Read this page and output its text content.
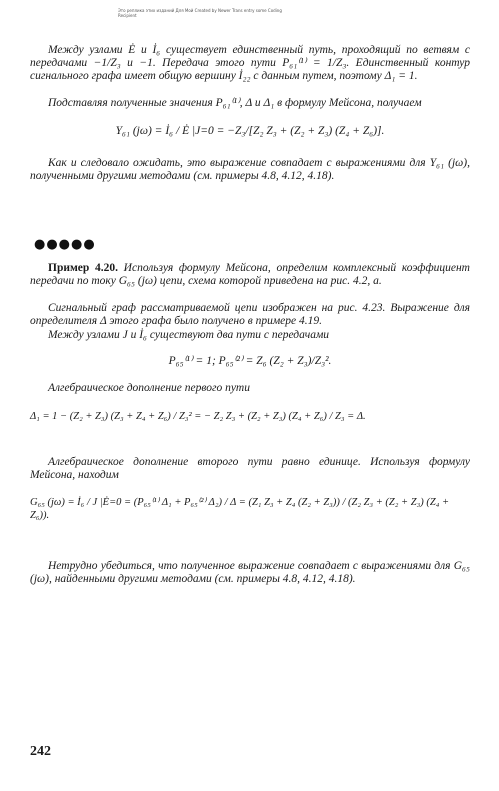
Это реплика этих изданий Для Мой Created by Newer Trans entry some Coding Recipient
Между узлами Ė и İ₆ существует единственный путь, проходящий по ветвям с передачами −1/Z₃ и −1. Передача этого пути P₆₁⁽¹⁾ = 1/Z₃. Единственный контур сигнального графа имеет общую вершину İ₂₂ с данным путем, поэтому Δ₁ = 1.
Подставляя полученные значения P₆₁⁽¹⁾, Δ и Δ₁ в формулу Мейсона, получаем
Y₆₁ (jω) = İ₆ / Ė |J=0 = −Z₃/[Z₂ Z₃ + (Z₂ + Z₃) (Z₄ + Z₆)].
Как и следовало ожидать, это выражение совпадает с выражениями для Y₆₁ (jω), полученными другими методами (см. примеры 4.8, 4.12, 4.18).
●●●●●
Пример 4.20. Используя формулу Мейсона, определим комплексный коэффициент передачи по току G₆₅ (jω) цепи, схема которой приведена на рис. 4.2, а.
Сигнальный граф рассматриваемой цепи изображен на рис. 4.23. Выражение для определителя Δ этого графа было получено в примере 4.19.
Между узлами J и İ₆ существуют два пути с передачами
P₆₅⁽¹⁾ = 1; P₆₅⁽²⁾ = Z₆ (Z₂ + Z₃)/Z₃².
Алгебраическое дополнение первого пути
Δ₁ = 1 − (Z₂ + Z₃) (Z₃ + Z₄ + Z₆) / Z₃² = − Z₂ Z₃ + (Z₂ + Z₃) (Z₄ + Z₆) / Z₃ = Δ.
Алгебраическое дополнение второго пути равно единице. Используя формулу Мейсона, находим
G₆₅ (jω) = İ₆ / J |Ė=0 = (P₆₅⁽¹⁾ Δ₁ + P₆₅⁽²⁾ Δ₂) / Δ = (Z₁ Z₃ + Z₄ (Z₂ + Z₃)) / (Z₂ Z₃ + (Z₂ + Z₃) (Z₄ + Z₆)).
Нетрудно убедиться, что полученное выражение совпадает с выражениями для G₆₅ (jω), найденными другими методами (см. примеры 4.8, 4.12, 4.18).
242
